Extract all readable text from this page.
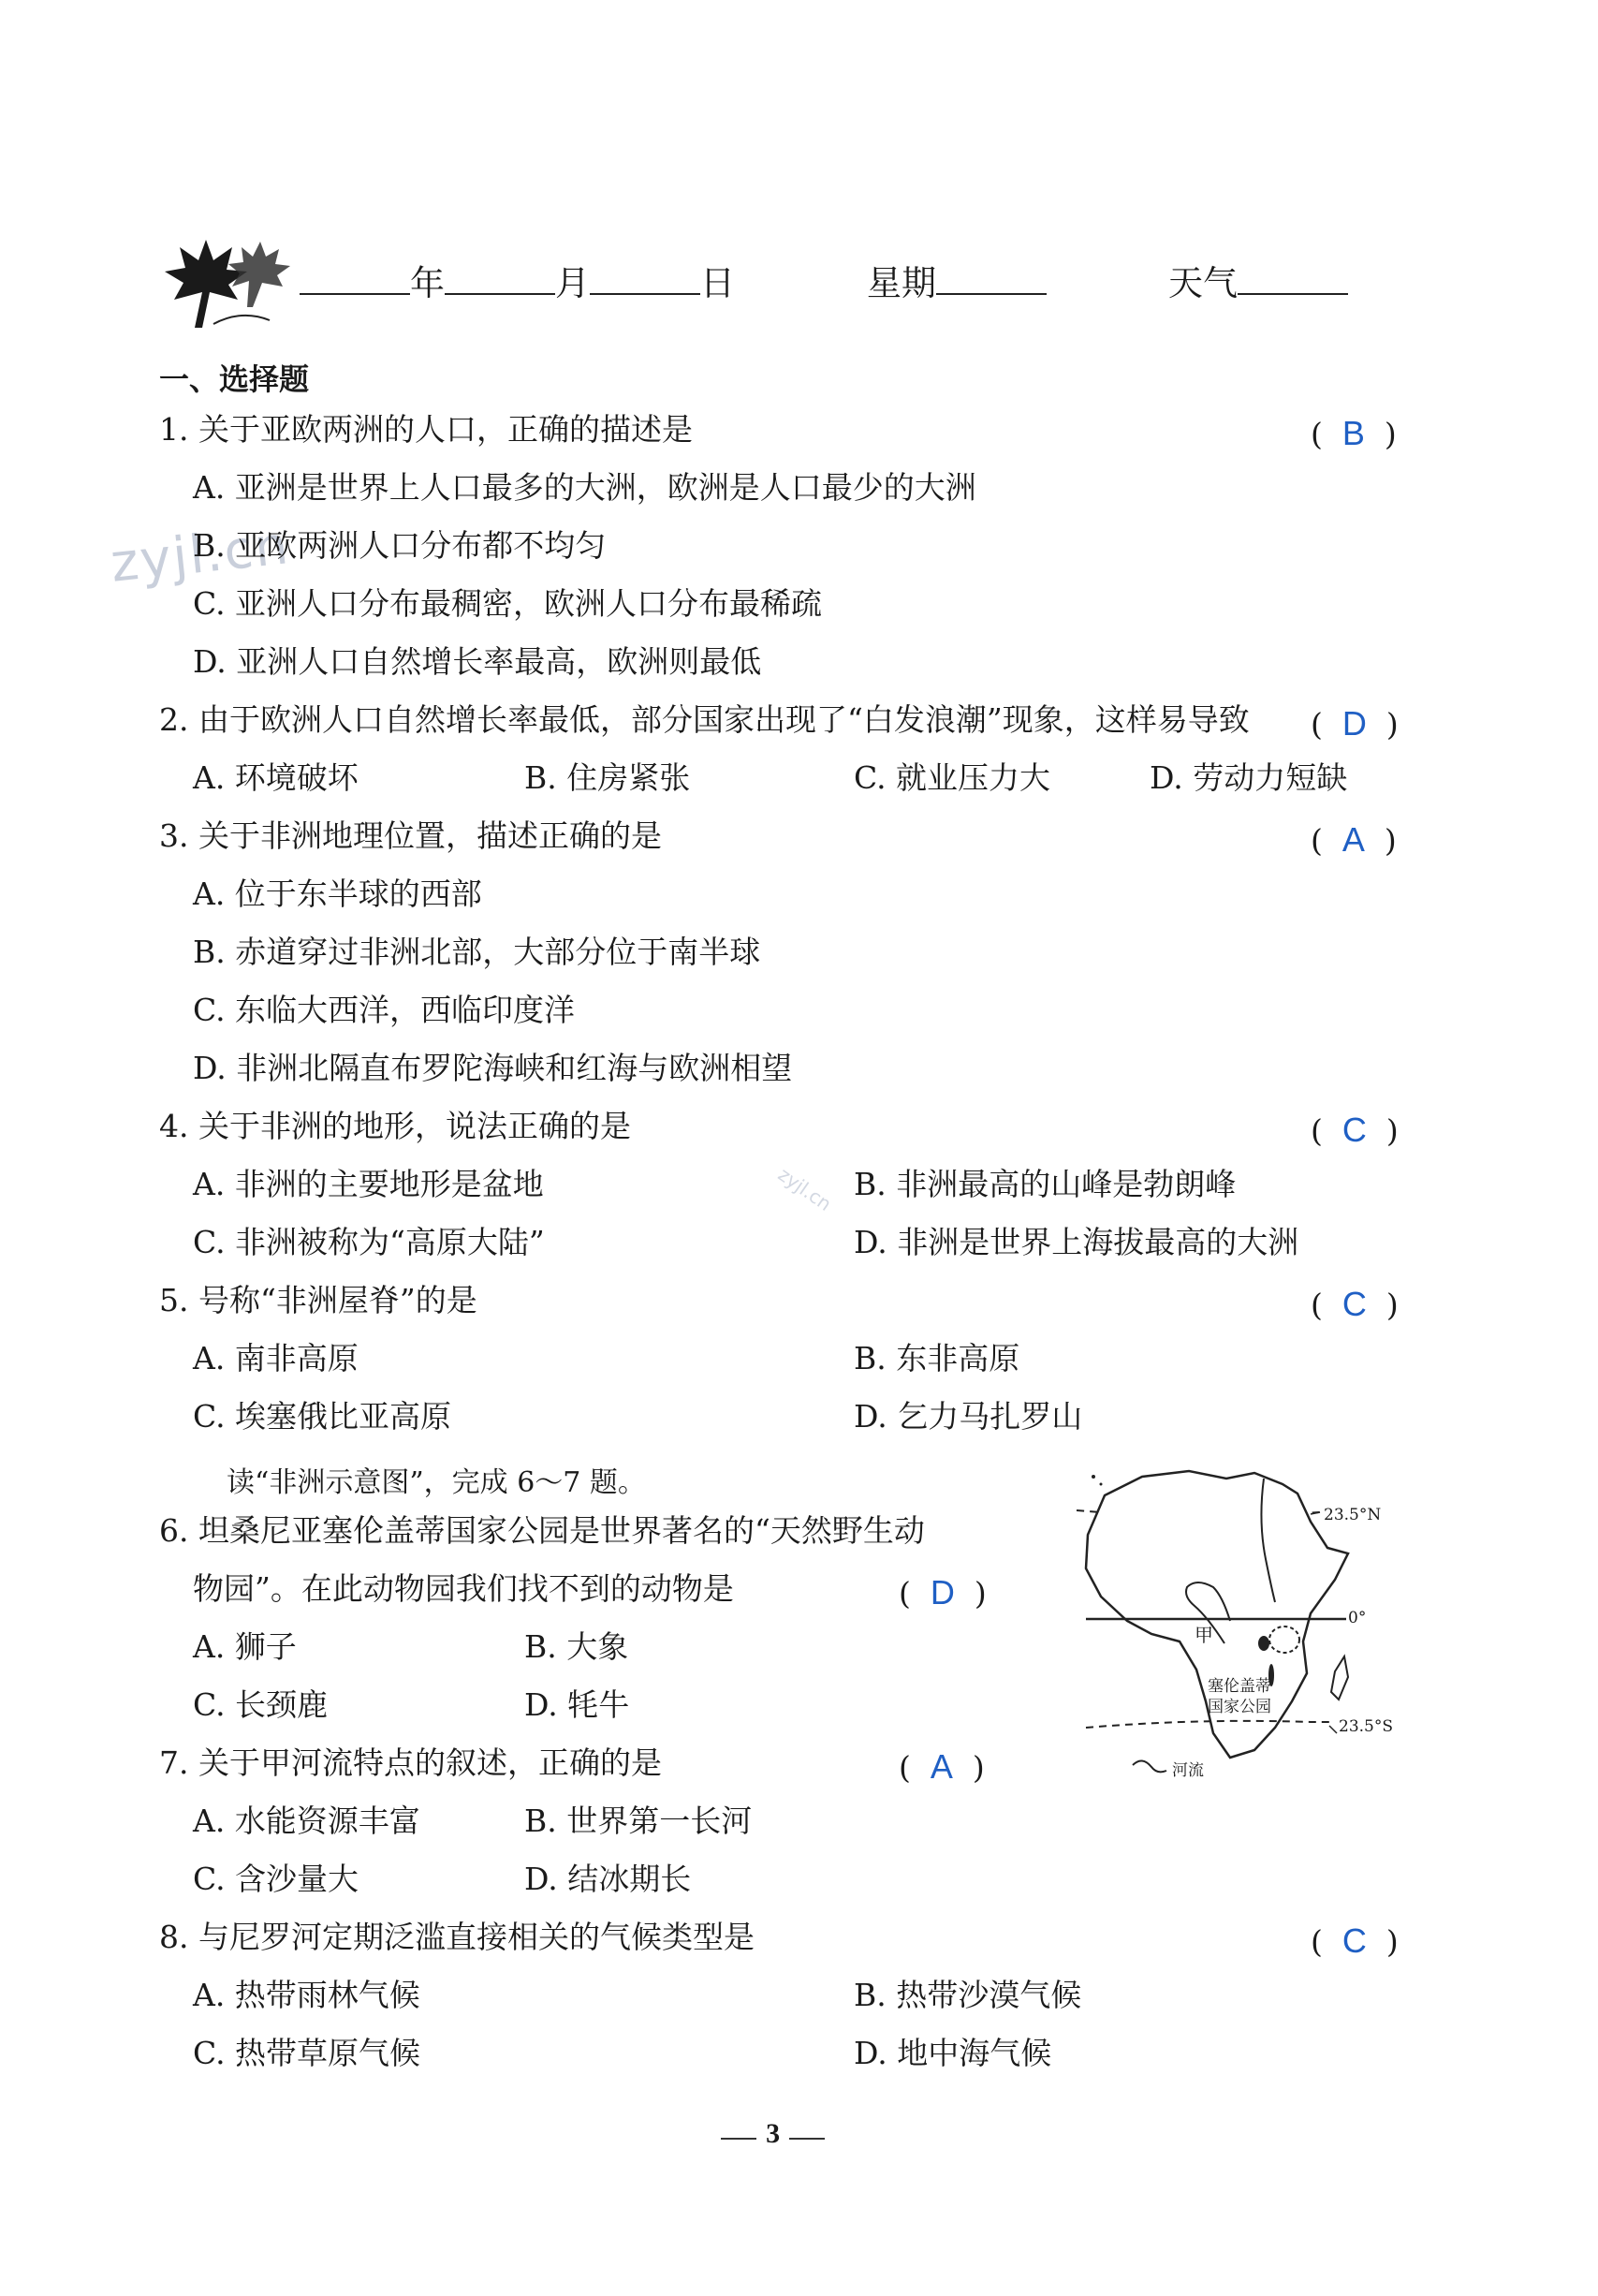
zyjl.cn
zyjl.cn
年	月	日	星期	天气
一、选择题
1. 关于亚欧两洲的人口，正确的描述是	(  B  )
A. 亚洲是世界上人口最多的大洲，欧洲是人口最少的大洲
B. 亚欧两洲人口分布都不均匀
C. 亚洲人口分布最稠密，欧洲人口分布最稀疏
D. 亚洲人口自然增长率最高，欧洲则最低
2. 由于欧洲人口自然增长率最低，部分国家出现了“白发浪潮”现象，这样易导致 (  D  )
A. 环境破坏	B. 住房紧张	C. 就业压力大	D. 劳动力短缺
3. 关于非洲地理位置，描述正确的是	(  A  )
A. 位于东半球的西部
B. 赤道穿过非洲北部，大部分位于南半球
C. 东临大西洋，西临印度洋
D. 非洲北隔直布罗陀海峡和红海与欧洲相望
4. 关于非洲的地形，说法正确的是	(  C  )
A. 非洲的主要地形是盆地	B. 非洲最高的山峰是勃朗峰
C. 非洲被称为“高原大陆”	D. 非洲是世界上海拔最高的大洲
5. 号称“非洲屋脊”的是	(  C  )
A. 南非高原	B. 东非高原
C. 埃塞俄比亚高原	D. 乞力马扎罗山
读“非洲示意图”，完成 6～7 题。
6. 坦桑尼亚塞伦盖蒂国家公园是世界著名的“天然野生动
物园”。在此动物园我们找不到的动物是	(  D  )
A. 狮子	B. 大象
C. 长颈鹿	D. 牦牛
7. 关于甲河流特点的叙述，正确的是	(  A  )
A. 水能资源丰富	B. 世界第一长河
C. 含沙量大	D. 结冰期长
8. 与尼罗河定期泛滥直接相关的气候类型是	(  C  )
A. 热带雨林气候	B. 热带沙漠气候
C. 热带草原气候	D. 地中海气候
23.5°N
0°
23.5°S
甲
塞伦盖蒂
国家公园
河流
3
